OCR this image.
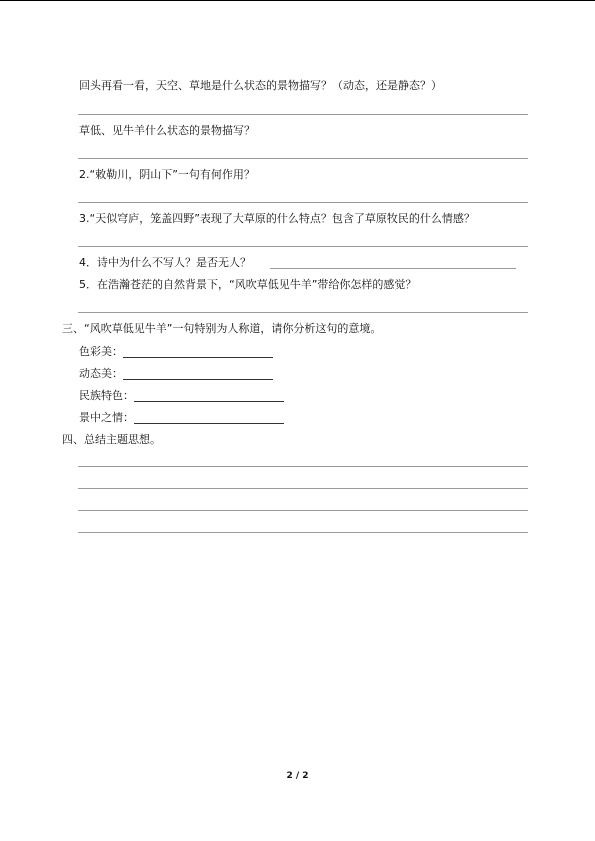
回头再看一看，天空、草地是什么状态的景物描写？（动态，还是静态？）
草低、见牛羊什么状态的景物描写？
2.“敕勒川，阴山下”一句有何作用？
3.“天似穹庐，笼盖四野”表现了大草原的什么特点？包含了草原牧民的什么情感？
4．诗中为什么不写人？是否无人？
5．在浩瀚苍茫的自然背景下，“风吹草低见牛羊”带给你怎样的感觉？
三、“风吹草低见牛羊”一句特别为人称道，请你分析这句的意境。
色彩美：
动态美：
民族特色：
景中之情：
四、总结主题思想。
2 / 2
